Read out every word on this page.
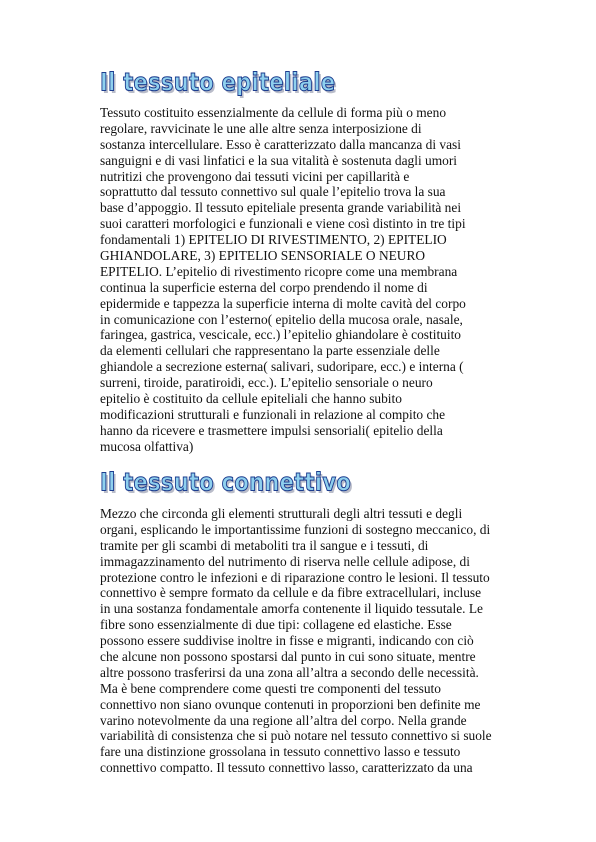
Il tessuto epiteliale
Tessuto costituito essenzialmente da cellule di forma più o meno
regolare, ravvicinate le une alle altre senza interposizione di
sostanza intercellulare. Esso è caratterizzato dalla mancanza di vasi
sanguigni e di vasi linfatici e la sua vitalità è sostenuta dagli umori
nutritizi che provengono dai tessuti vicini per capillarità e
soprattutto dal tessuto connettivo sul quale l’epitelio trova la sua
base d’appoggio. Il tessuto epiteliale presenta grande variabilità nei
suoi caratteri morfologici e funzionali e viene così distinto in tre tipi
fondamentali 1) EPITELIO DI RIVESTIMENTO, 2) EPITELIO
GHIANDOLARE, 3) EPITELIO SENSORIALE O NEURO
EPITELIO. L’epitelio di rivestimento ricopre come una membrana
continua la superficie esterna del corpo prendendo il nome di
epidermide e tappezza la superficie interna di molte cavità del corpo
in comunicazione con l’esterno( epitelio della mucosa orale, nasale,
faringea, gastrica, vescicale, ecc.) l’epitelio ghiandolare è costituito
da elementi cellulari che rappresentano la parte essenziale delle
ghiandole a secrezione esterna( salivari, sudoripare, ecc.) e interna (
surreni, tiroide, paratiroidi, ecc.). L’epitelio sensoriale o neuro
epitelio è costituito da cellule epiteliali che hanno subito
modificazioni strutturali e funzionali in relazione al compito che
hanno da ricevere e trasmettere impulsi sensoriali( epitelio della
mucosa olfattiva)
Il tessuto connettivo
Mezzo che circonda gli elementi strutturali degli altri tessuti e degli
organi, esplicando le importantissime funzioni di sostegno meccanico, di
tramite per gli scambi di metaboliti tra il sangue e i tessuti, di
immagazzinamento del nutrimento di riserva nelle cellule adipose, di
protezione contro le infezioni e di riparazione contro le lesioni. Il tessuto
connettivo è sempre formato da cellule e da fibre extracellulari, incluse
in una sostanza fondamentale amorfa contenente il liquido tessutale. Le
fibre sono essenzialmente di due tipi: collagene ed elastiche. Esse
possono essere suddivise inoltre in fisse e migranti, indicando con ciò
che alcune non possono spostarsi dal punto in cui sono situate, mentre
altre possono trasferirsi da una zona all’altra a secondo delle necessità.
Ma è bene comprendere come questi tre componenti del tessuto
connettivo non siano ovunque contenuti in proporzioni ben definite me
varino notevolmente da una regione all’altra del corpo. Nella grande
variabilità di consistenza che si può notare nel tessuto connettivo si suole
fare una distinzione grossolana in tessuto connettivo lasso e tessuto
connettivo compatto. Il tessuto connettivo lasso, caratterizzato da una
